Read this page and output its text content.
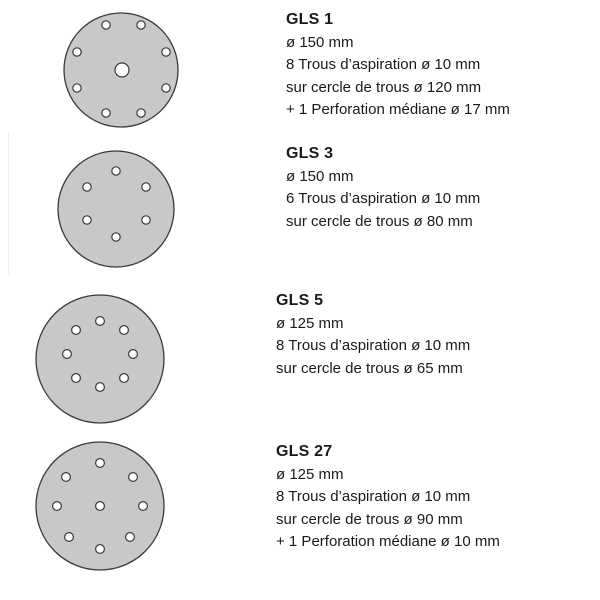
GLS 1
ø 150 mm
8 Trous d’aspiration ø 10 mm
sur cercle de trous ø 120 mm
+ 1 Perforation médiane ø 17 mm
GLS 3
ø 150 mm
6 Trous d’aspiration ø 10 mm
sur cercle de trous ø 80 mm
GLS 5
ø 125 mm
8 Trous d’aspiration ø 10 mm
sur cercle de trous ø 65 mm
GLS 27
ø 125 mm
8 Trous d’aspiration ø 10 mm
sur cercle de trous ø 90 mm
+ 1 Perforation médiane ø 10 mm
